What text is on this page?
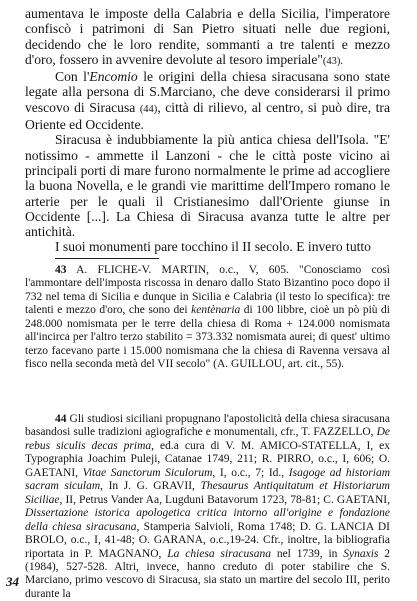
aumentava le imposte della Calabria e della Sicilia, l'imperatore confiscò i patrimoni di San Pietro situati nelle due regioni, decidendo che le loro rendite, sommanti a tre talenti e mezzo d'oro, fossero in avvenire devolute al tesoro imperiale"(43).

Con l'Encomio le origini della chiesa siracusana sono state legate alla persona di S.Marciano, che deve considerarsi il primo vescovo di Siracusa (44), città di rilievo, al centro, si può dire, tra Oriente ed Occidente.

Siracusa è indubbiamente la più antica chiesa dell'Isola. "E' notissimo - ammette il Lanzoni - che le città poste vicino ai principali porti di mare furono normalmente le prime ad accogliere la buona Novella, e le grandi vie marittime dell'Impero romano le arterie per le quali il Cristianesimo dall'Oriente giunse in Occidente [...]. La Chiesa di Siracusa avanza tutte le altre per antichità.

I suoi monumenti pare tocchino il II secolo. E invero tutto

43 A. FLICHE-V. MARTIN, o.c., V, 605. "Conosciamo così l'ammontare dell'imposta riscossa in denaro dallo Stato Bizantino poco dopo il 732 nel tema di Sicilia e dunque in Sicilia e Calabria (il testo lo specifica): tre talenti e mezzo d'oro, che sono dei kentènaria di 100 libbre, cioè un pò più di 248.000 nomismata per le terre della chiesa di Roma + 124.000 nomismata all'incirca per l'altro terzo stabilito = 373.332 nomismata aurei; di quest' ultimo terzo facevano parte i 15.000 nomismana che la chiesa di Ravenna versava al fisco nella seconda metà del VII secolo" (A. GUILLOU, art. cit., 55).

44 Gli studiosi siciliani propugnano l'apostolicità della chiesa siracusana basandosi sulle tradizioni agiografiche e monumentali, cfr., T. FAZZELLO, De rebus siculis decas prima, ed.a cura di V. M. AMICO-STATELLA, I, ex Typographia Joachim Puleji, Catanae 1749, 211; R. PIRRO, o.c., I, 606; O. GAETANI, Vitae Sanctorum Siculorum, I, o.c., 7; Id., Isagoge ad historiam sacram siculam, In J. G. GRAVII, Thesaurus Antiquitatum et Historiarum Siciliae, II, Petrus Vander Aa, Lugduni Batavorum 1723, 78-81; C. GAETANI, Dissertazione istorica apologetica critica intorno all'origine e fondazione della chiesa siracusana, Stamperia Salvioli, Roma 1748; D. G. LANCIA DI BROLO, o.c., I, 41-48; O. GARANA, o.c.,19-24. Cfr., inoltre, la bibliografia riportata in P. MAGNANO, La chiesa siracusana nel 1739, in Synaxis 2 (1984), 527-528. Altri, invece, hanno creduto di poter stabilire che S. Marciano, primo vescovo di Siracusa, sia stato un martire del secolo III, perito durante la

34
